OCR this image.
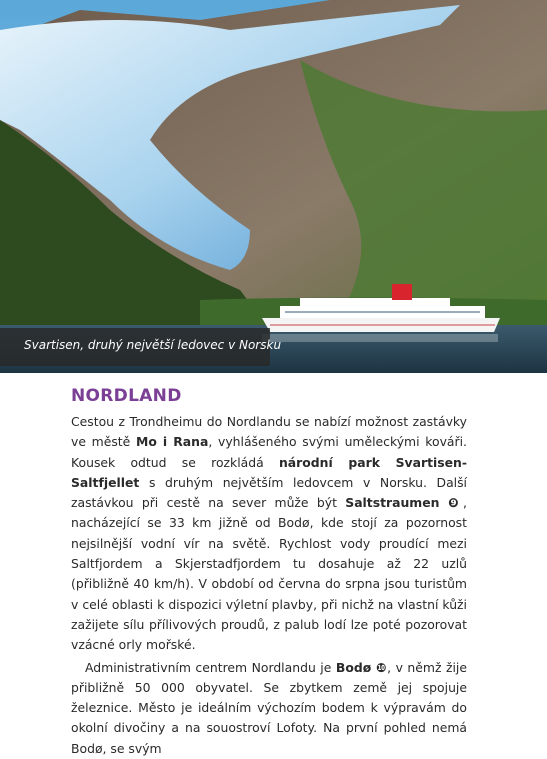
Svartisen, druhý největší ledovec v Norsku
NORDLAND

Cestou z Trondheimu do Nordlandu se nabízí možnost zastávky ve městě Mo i Rana, vyhlášeného svými uměleckými kováři. Kousek odtud se rozkládá národní park Svartisen-Saltfjellet s druhým největším ledovcem v Norsku. Další zastávkou při cestě na sever může být Saltstraumen ❾, nacházející se 33 km jižně od Bodø, kde stojí za pozornost nejsilnější vodní vír na světě. Rychlost vody proudící mezi Saltfjordem a Skjerstadfjordem tu dosahuje až 22 uzlů (přibližně 40 km/h). V období od června do srpna jsou turistům v celé oblasti k dispozici výletní plavby, při nichž na vlastní kůži zažijete sílu přílivových proudů, z palub lodí lze poté pozorovat vzácné orly mořské.

Administrativním centrem Nordlandu je Bodø ❿, v němž žije přibližně 50 000 obyvatel. Se zbytkem země jej spojuje železnice. Město je ideálním výchozím bodem k výpravám do okolní divočiny a na souostroví Lofoty. Na první pohled nemá Bodø, se svým
